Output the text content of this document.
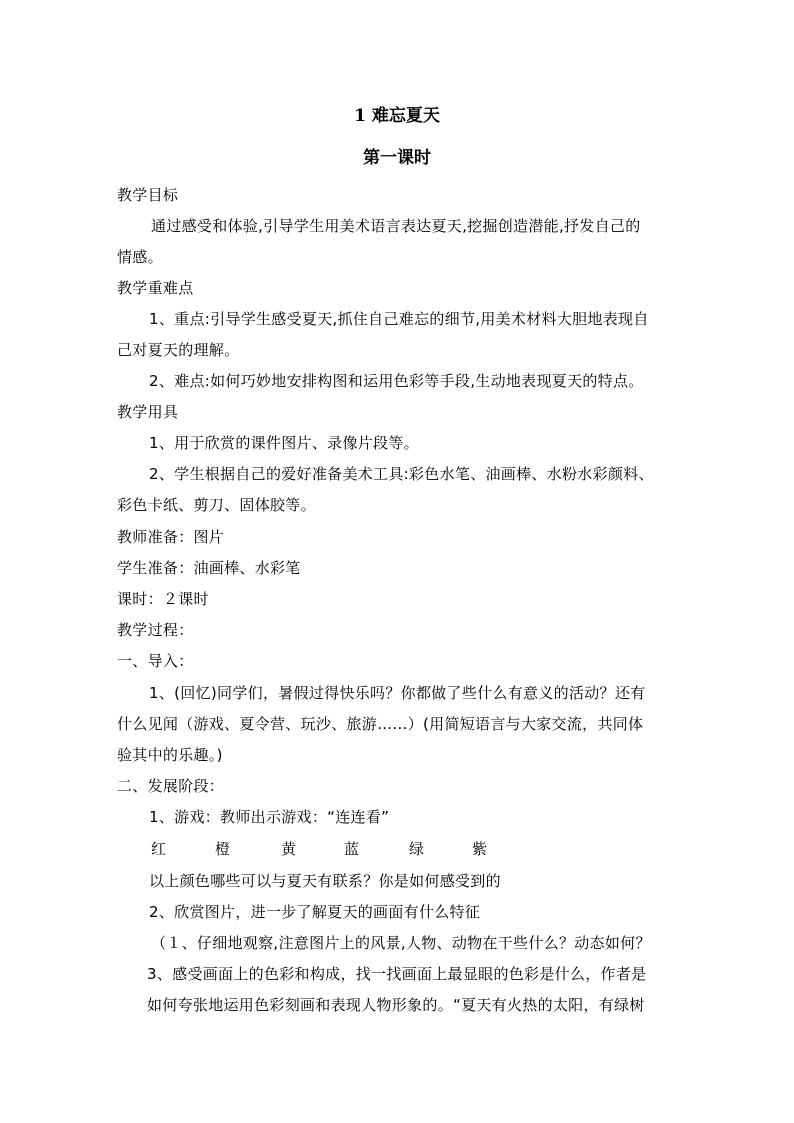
1 难忘夏天
第一课时
教学目标
通过感受和体验,引导学生用美术语言表达夏天,挖掘创造潜能,抒发自己的
情感。
教学重难点
1、重点:引导学生感受夏天,抓住自己难忘的细节,用美术材料大胆地表现自
己对夏天的理解。
2、难点:如何巧妙地安排构图和运用色彩等手段,生动地表现夏天的特点。
教学用具
1、用于欣赏的课件图片、录像片段等。
2、学生根据自己的爱好准备美术工具:彩色水笔、油画棒、水粉水彩颜料、
彩色卡纸、剪刀、固体胶等。
教师准备：图片
学生准备：油画棒、水彩笔
课时：２课时
教学过程：
一、导入：
1、(回忆)同学们，暑假过得快乐吗？你都做了些什么有意义的活动？还有
什么见闻（游戏、夏令营、玩沙、旅游……）(用简短语言与大家交流，共同体
验其中的乐趣。)
二、发展阶段：
1、游戏：教师出示游戏：“连连看”
红	橙	黄	蓝	绿	紫
以上颜色哪些可以与夏天有联系？你是如何感受到的
2、欣赏图片，进一步了解夏天的画面有什么特征
（１、仔细地观察,注意图片上的风景,人物、动物在干些什么？动态如何？
3、感受画面上的色彩和构成，找一找画面上最显眼的色彩是什么，作者是
如何夸张地运用色彩刻画和表现人物形象的。“夏天有火热的太阳，有绿树
